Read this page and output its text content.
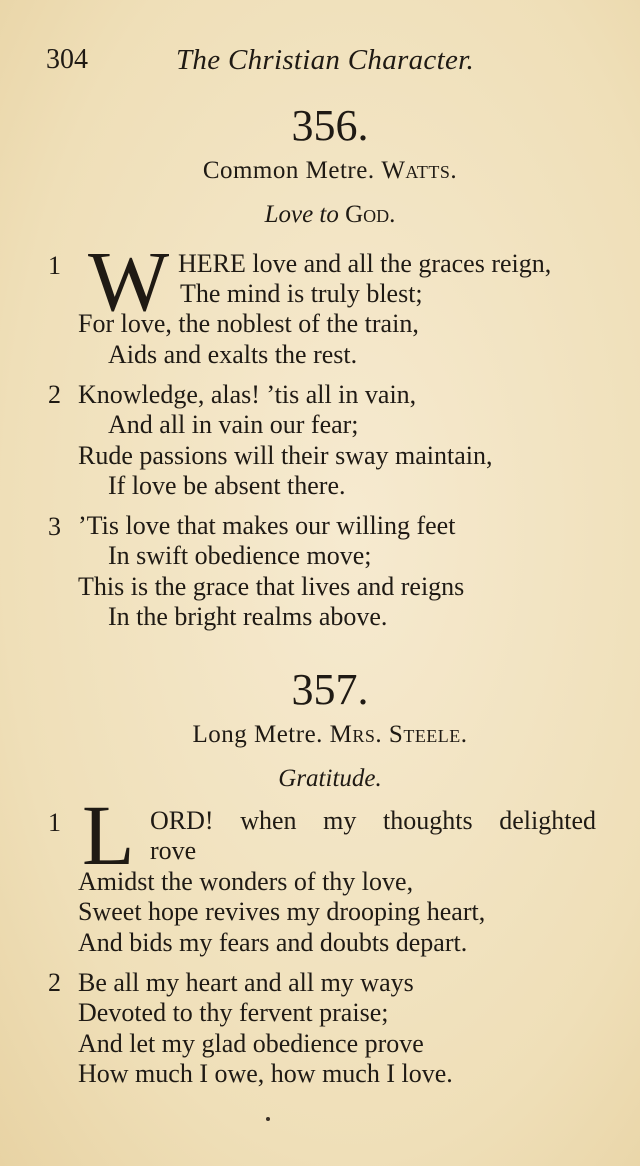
304	The Christian Character.
356.
Common Metre. Watts.
Love to God.
1 W HERE love and all the graces reign,
The mind is truly blest;
For love, the noblest of the train,
Aids and exalts the rest.
2 Knowledge, alas! ’tis all in vain,
And all in vain our fear;
Rude passions will their sway maintain,
If love be absent there.
3 ’Tis love that makes our willing feet
In swift obedience move;
This is the grace that lives and reigns
In the bright realms above.
357.
Long Metre. Mrs. Steele.
Gratitude.
1 L ORD! when my thoughts delighted
rove
Amidst the wonders of thy love,
Sweet hope revives my drooping heart,
And bids my fears and doubts depart.
2 Be all my heart and all my ways
Devoted to thy fervent praise;
And let my glad obedience prove
How much I owe, how much I love.
